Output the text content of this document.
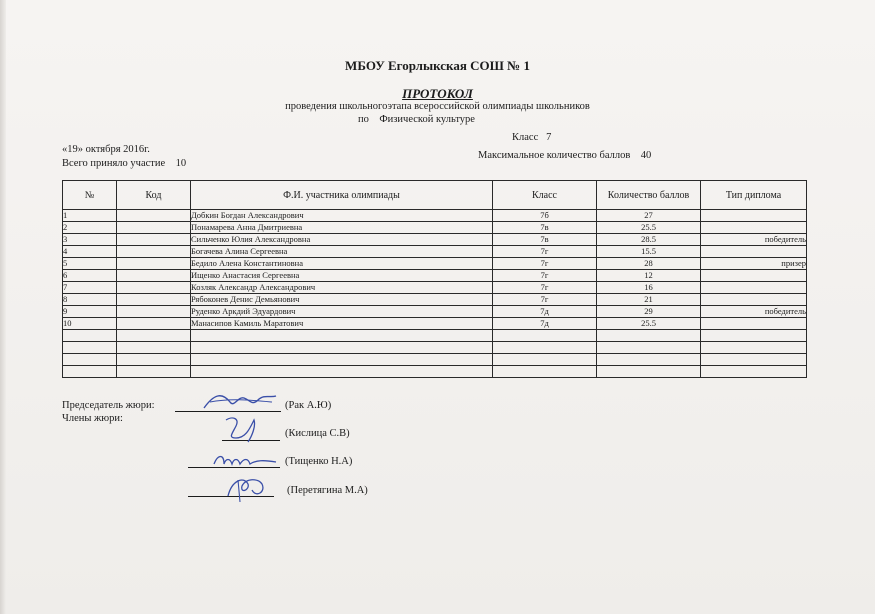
МБОУ Егорлыкская СОШ № 1
ПРОТОКОЛ
проведения школьногоэтапа всероссийской олимпиады школьников
по    Физической культуре
«19» октября 2016г.
Класс   7
Всего приняло участие    10
Максимальное количество баллов    40
№	Код	Ф.И. участника олимпиады	Класс	Количество баллов	Тип диплома
1		Добкин Богдан Александрович	7б	27	
2		Понамарева Анна Дмитриевна	7в	25.5	
3		Сильченко Юлия Александровна	7в	28.5	победитель
4		Богачева Алина Сергеевна	7г	15.5	
5		Бедило Алена Константиновна	7г	28	призер
6		Ищенко Анастасия Сергеевна	7г	12	
7		Козляк Александр Александрович	7г	16	
8		Рябоконев Денис Демьянович	7г	21	
9		Руденко Аркдий Эдуардович	7д	29	победитель
10		Манасипов Камиль Маратович	7д	25.5	

Председатель жюри:	(Рак А.Ю)
Члены жюри:
(Кислица С.В)
(Тищенко Н.А)
(Перетягина М.А)
